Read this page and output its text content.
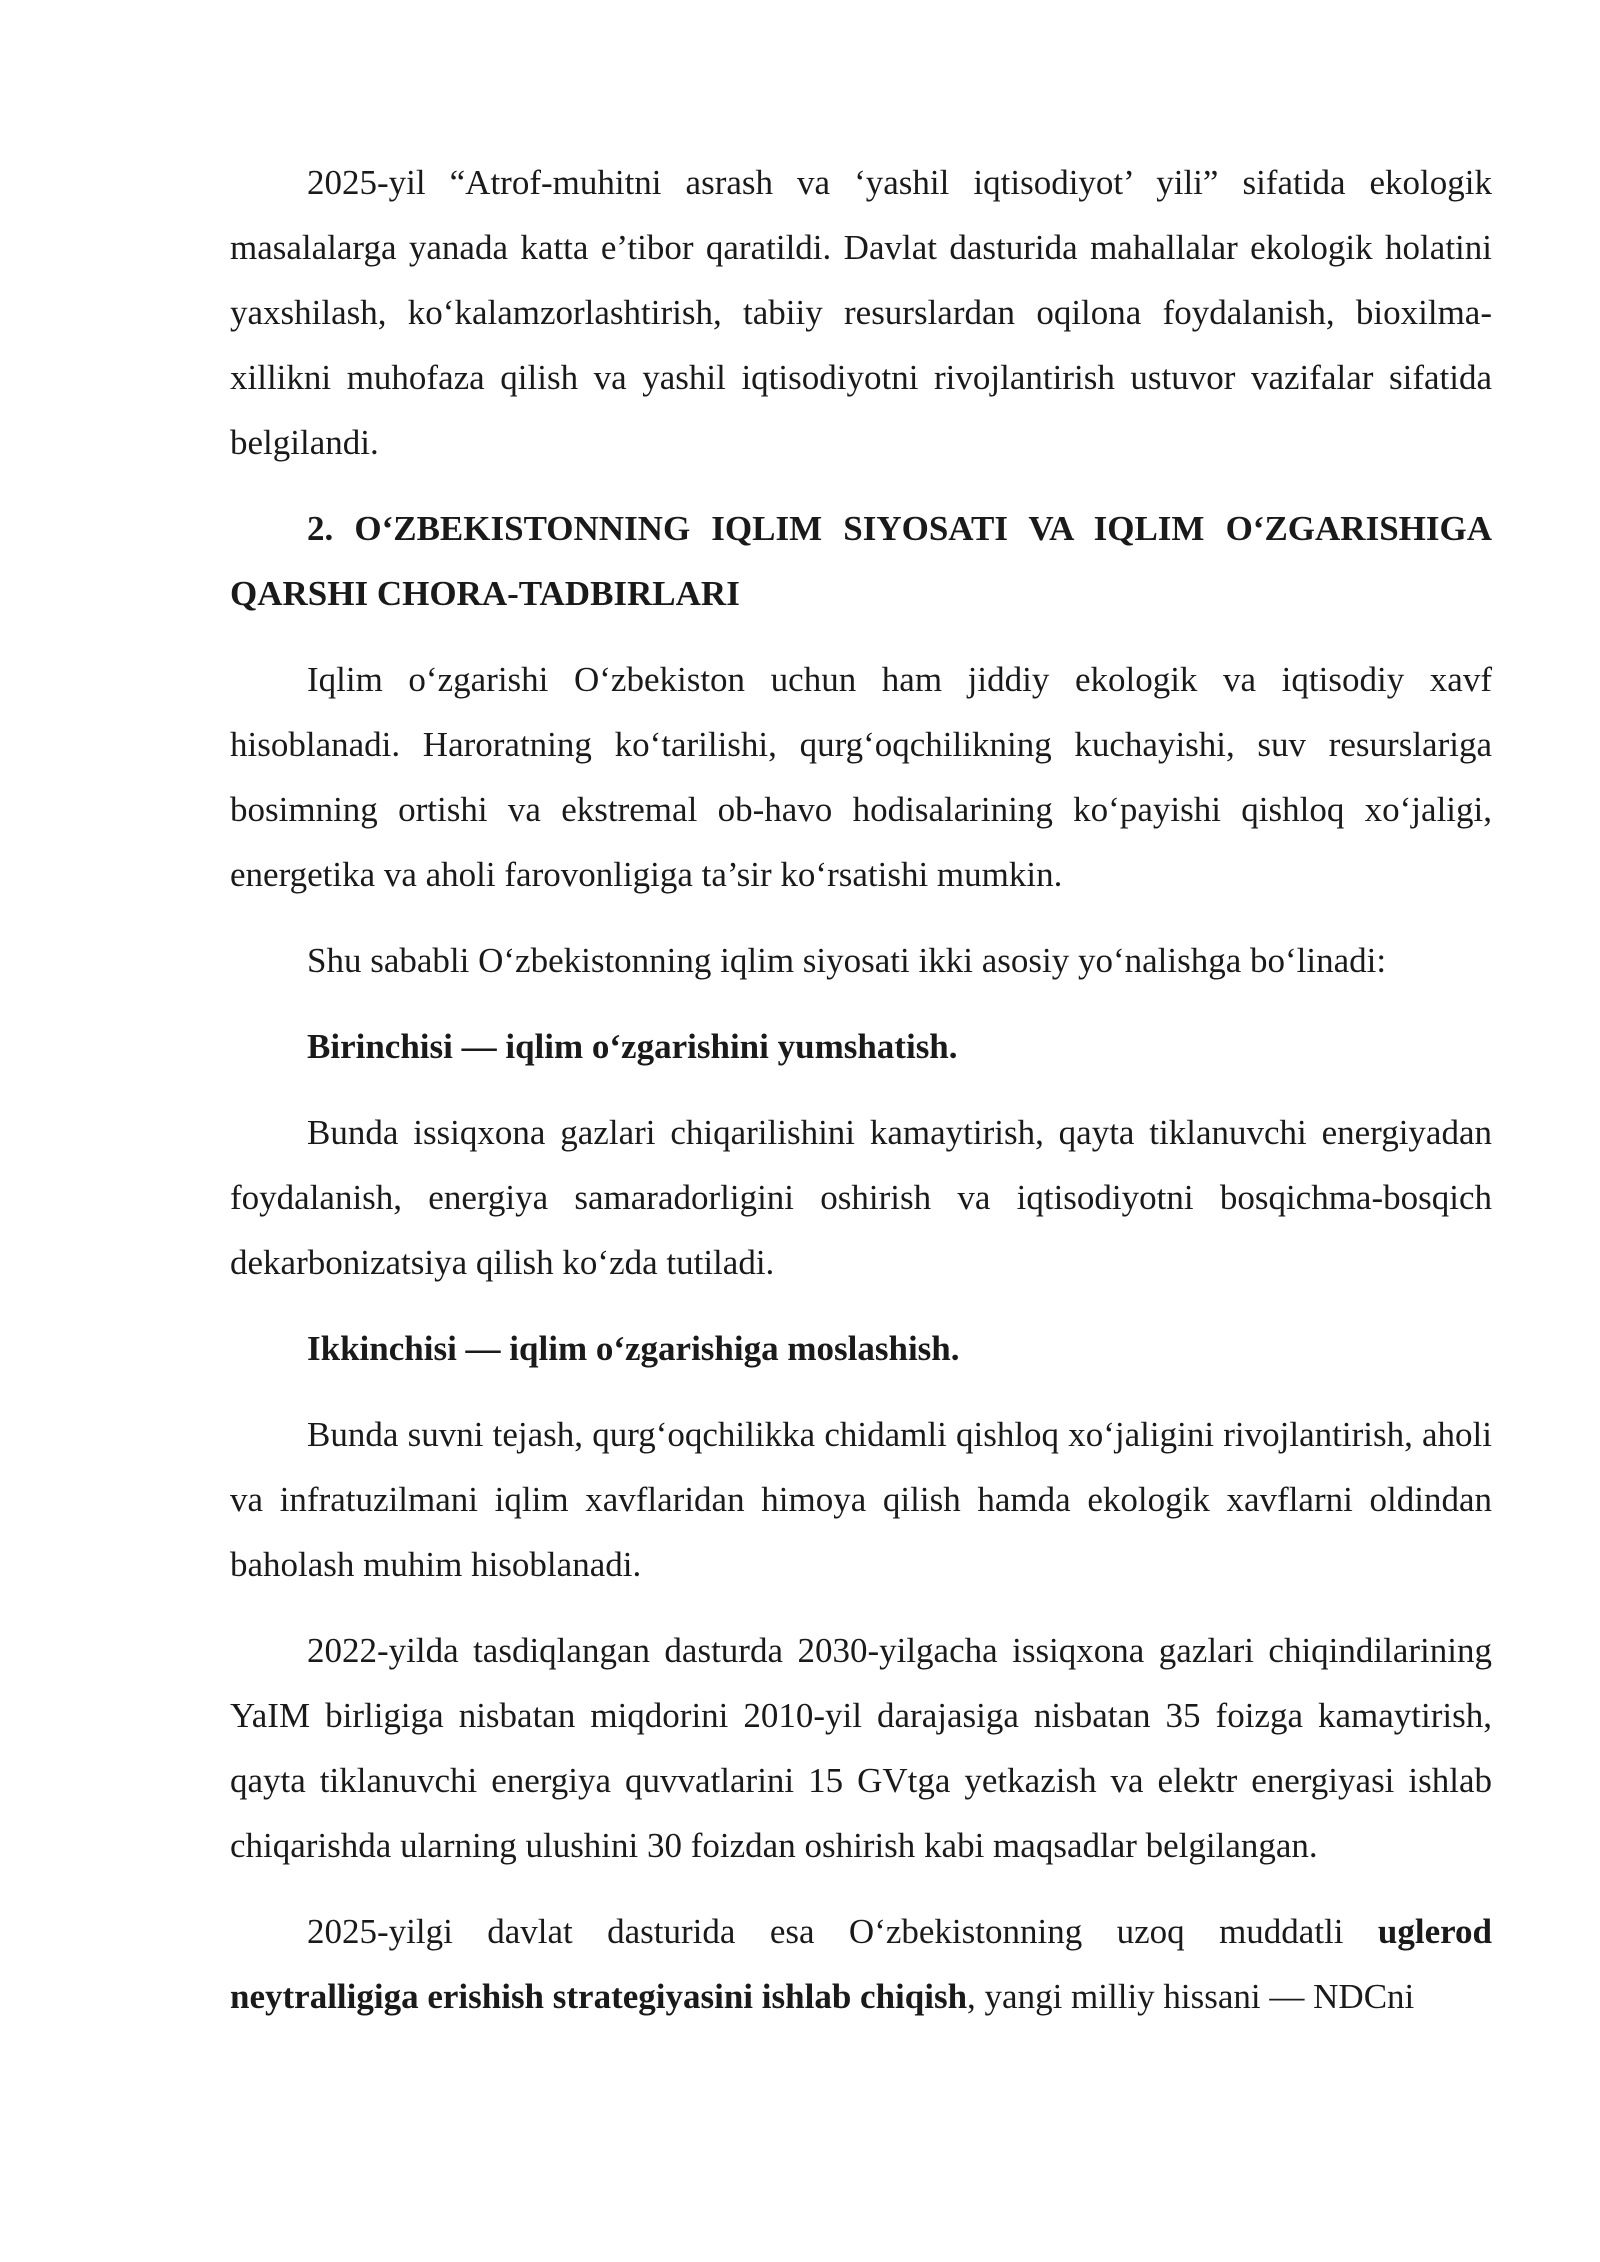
2025-yil “Atrof-muhitni asrash va ‘yashil iqtisodiyot’ yili” sifatida ekologik masalalarga yanada katta e’tibor qaratildi. Davlat dasturida mahallalar ekologik holatini yaxshilash, ko‘kalamzorlashtirish, tabiiy resurslardan oqilona foydalanish, bioxilma-xillikni muhofaza qilish va yashil iqtisodiyotni rivojlantirish ustuvor vazifalar sifatida belgilandi.

2. O‘ZBEKISTONNING IQLIM SIYOSATI VA IQLIM O‘ZGARISHIGA QARSHI CHORA-TADBIRLARI

Iqlim o‘zgarishi O‘zbekiston uchun ham jiddiy ekologik va iqtisodiy xavf hisoblanadi. Haroratning ko‘tarilishi, qurg‘oqchilikning kuchayishi, suv resurslariga bosimning ortishi va ekstremal ob-havo hodisalarining ko‘payishi qishloq xo‘jaligi, energetika va aholi farovonligiga ta’sir ko‘rsatishi mumkin.

Shu sababli O‘zbekistonning iqlim siyosati ikki asosiy yo‘nalishga bo‘linadi:

Birinchisi — iqlim o‘zgarishini yumshatish.

Bunda issiqxona gazlari chiqarilishini kamaytirish, qayta tiklanuvchi energiyadan foydalanish, energiya samaradorligini oshirish va iqtisodiyotni bosqichma-bosqich dekarbonizatsiya qilish ko‘zda tutiladi.

Ikkinchisi — iqlim o‘zgarishiga moslashish.

Bunda suvni tejash, qurg‘oqchilikka chidamli qishloq xo‘jaligini rivojlantirish, aholi va infratuzilmani iqlim xavflaridan himoya qilish hamda ekologik xavflarni oldindan baholash muhim hisoblanadi.

2022-yilda tasdiqlangan dasturda 2030-yilgacha issiqxona gazlari chiqindilarining YaIM birligiga nisbatan miqdorini 2010-yil darajasiga nisbatan 35 foizga kamaytirish, qayta tiklanuvchi energiya quvvatlarini 15 GVtga yetkazish va elektr energiyasi ishlab chiqarishda ularning ulushini 30 foizdan oshirish kabi maqsadlar belgilangan.

2025-yilgi davlat dasturida esa O‘zbekistonning uzoq muddatli uglerod neytralligiga erishish strategiyasini ishlab chiqish, yangi milliy hissani — NDCni
